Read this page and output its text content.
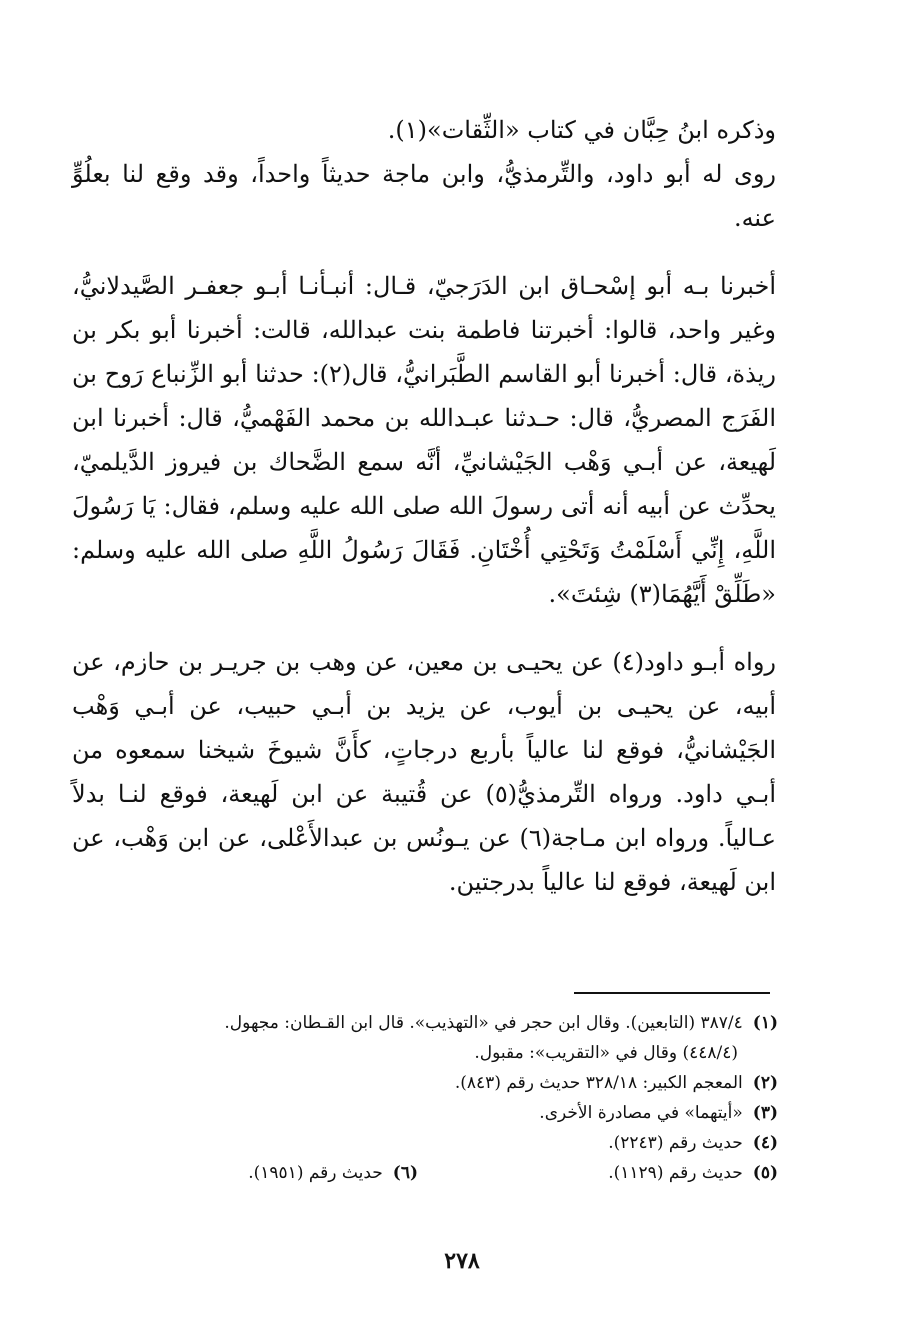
وذكره ابنُ حِبَّان في كتاب «الثِّقات»(١).

روى له أبو داود، والتِّرمذيُّ، وابن ماجة حديثاً واحداً، وقد وقع لنا بعلُوٍّ عنه.

أخبرنا بـه أبو إسْحـاق ابن الدَرَجيّ، قـال: أنبـأنـا أبـو جعفـر الصَّيدلانيُّ، وغير واحد، قالوا: أخبرتنا فاطمة بنت عبدالله، قالت: أخبرنا أبو بكر بن ريذة، قال: أخبرنا أبو القاسم الطَّبَرانيُّ، قال(٢): حدثنا أبو الزِّنباع رَوح بن الفَرَج المصريُّ، قال: حـدثنا عبـدالله بن محمد الفَهْميُّ، قال: أخبرنا ابن لَهيعة، عن أبـي وَهْب الجَيْشانيِّ، أنَّه سمع الضَّحاك بن فيروز الدَّيلميّ، يحدِّث عن أبيه أنه أتى رسولَ الله صلى الله عليه وسلم، فقال: يَا رَسُولَ اللَّهِ، إِنِّي أَسْلَمْتُ وَتَحْتِي أُخْتَانِ. فَقَالَ رَسُولُ اللَّهِ صلى الله عليه وسلم: «طَلِّقْ أَيَّهُمَا(٣) شِئتَ».

رواه أبـو داود(٤) عن يحيـى بن معين، عن وهب بن جريـر بن حازم، عن أبيه، عن يحيـى بن أيوب، عن يزيد بن أبـي حبيب، عن أبـي وَهْب الجَيْشانيُّ، فوقع لنا عالياً بأربع درجاتٍ، كأَنَّ شيوخَ شيخنا سمعوه من أبـي داود. ورواه التِّرمذيُّ(٥) عن قُتيبة عن ابن لَهيعة، فوقع لنـا بدلاً عـالياً. ورواه ابن مـاجة(٦) عن يـونُس بن عبدالأَعْلى، عن ابن وَهْب، عن ابن لَهيعة، فوقع لنا عالياً بدرجتين.

(١)٣٨٧/٤ (التابعين). وقال ابن حجر في «التهذيب». قال ابن القـطان: مجهول.

(٤٤٨/٤) وقال في «التقريب»: مقبول.

(٢)المعجم الكبير: ٣٢٨/١٨ حديث رقم (٨٤٣).

(٣)«أيتهما» في مصادرة الأخرى.

(٤)حديث رقم (٢٢٤٣).

(٥)حديث رقم (١١٢٩).

(٦)حديث رقم (١٩٥١).

٢٧٨
